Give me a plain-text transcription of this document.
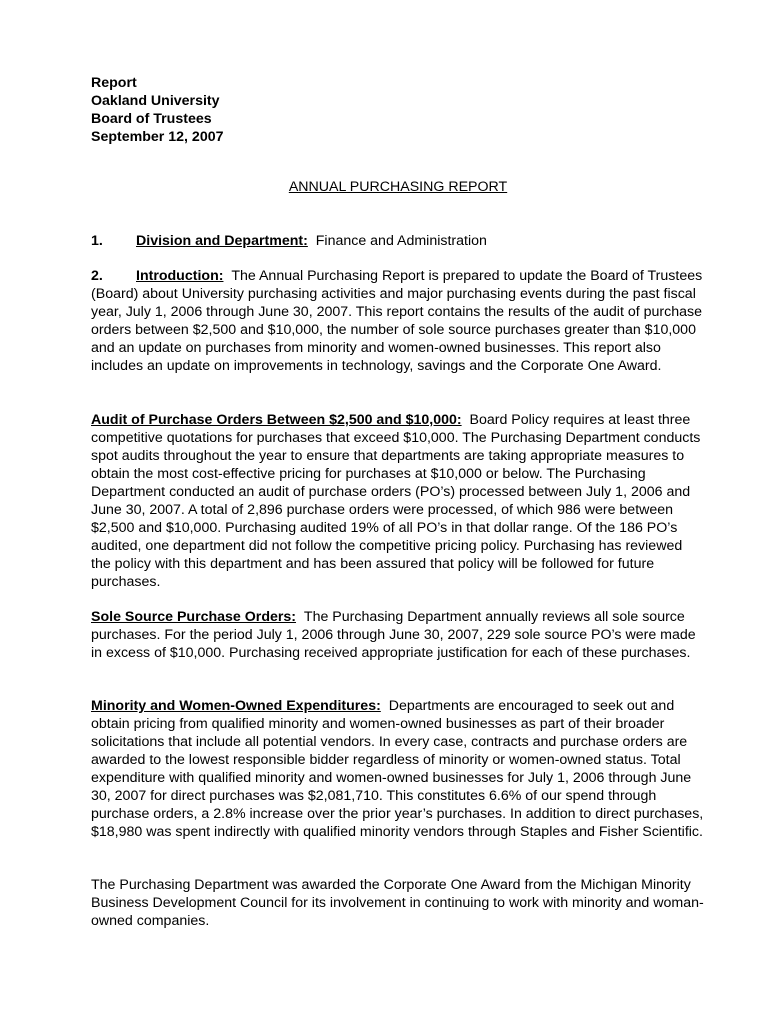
Report
Oakland University
Board of Trustees
September 12, 2007
ANNUAL PURCHASING REPORT

1. Division and Department: Finance and Administration

2. Introduction: The Annual Purchasing Report is prepared to update the Board of Trustees (Board) about University purchasing activities and major purchasing events during the past fiscal year, July 1, 2006 through June 30, 2007. This report contains the results of the audit of purchase orders between $2,500 and $10,000, the number of sole source purchases greater than $10,000 and an update on purchases from minority and women-owned businesses. This report also includes an update on improvements in technology, savings and the Corporate One Award.

Audit of Purchase Orders Between $2,500 and $10,000: Board Policy requires at least three competitive quotations for purchases that exceed $10,000. The Purchasing Department conducts spot audits throughout the year to ensure that departments are taking appropriate measures to obtain the most cost-effective pricing for purchases at $10,000 or below. The Purchasing Department conducted an audit of purchase orders (PO’s) processed between July 1, 2006 and June 30, 2007. A total of 2,896 purchase orders were processed, of which 986 were between $2,500 and $10,000. Purchasing audited 19% of all PO’s in that dollar range. Of the 186 PO’s audited, one department did not follow the competitive pricing policy. Purchasing has reviewed the policy with this department and has been assured that policy will be followed for future purchases.

Sole Source Purchase Orders: The Purchasing Department annually reviews all sole source purchases. For the period July 1, 2006 through June 30, 2007, 229 sole source PO’s were made in excess of $10,000. Purchasing received appropriate justification for each of these purchases.

Minority and Women-Owned Expenditures: Departments are encouraged to seek out and obtain pricing from qualified minority and women-owned businesses as part of their broader solicitations that include all potential vendors. In every case, contracts and purchase orders are awarded to the lowest responsible bidder regardless of minority or women-owned status. Total expenditure with qualified minority and women-owned businesses for July 1, 2006 through June 30, 2007 for direct purchases was $2,081,710. This constitutes 6.6% of our spend through purchase orders, a 2.8% increase over the prior year’s purchases. In addition to direct purchases, $18,980 was spent indirectly with qualified minority vendors through Staples and Fisher Scientific.

The Purchasing Department was awarded the Corporate One Award from the Michigan Minority Business Development Council for its involvement in continuing to work with minority and woman-owned companies.
